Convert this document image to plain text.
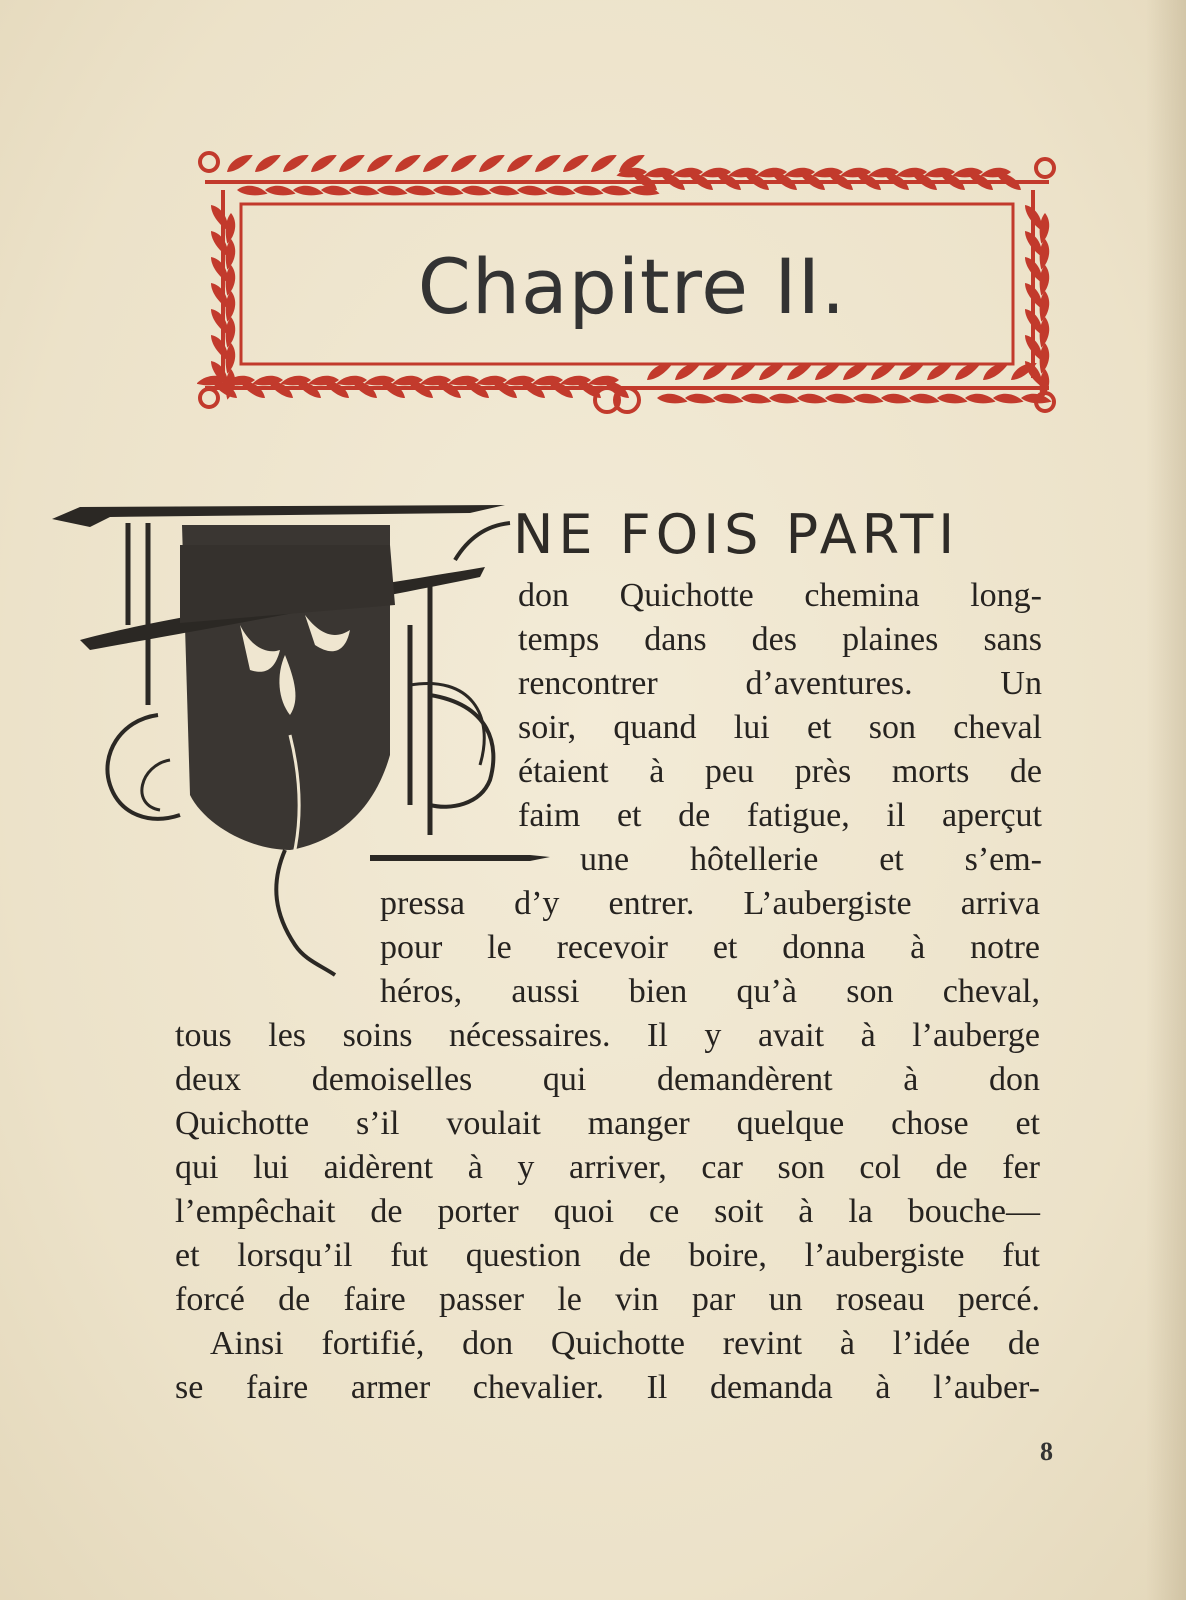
Chapitre II.
NE FOIS PARTI
don Quichotte chemina long-
temps dans des plaines sans
rencontrer d’aventures. Un
soir, quand lui et son cheval
étaient à peu près morts de
faim et de fatigue, il aperçut
une hôtellerie et s’em-
pressa d’y entrer. L’aubergiste arriva
pour le recevoir et donna à notre
héros, aussi bien qu’à son cheval,
tous les soins nécessaires. Il y avait à l’auberge
deux demoiselles qui demandèrent à don
Quichotte s’il voulait manger quelque chose et
qui lui aidèrent à y arriver, car son col de fer
l’empêchait de porter quoi ce soit à la bouche—
et lorsqu’il fut question de boire, l’aubergiste fut
forcé de faire passer le vin par un roseau percé.
Ainsi fortifié, don Quichotte revint à l’idée de
se faire armer chevalier. Il demanda à l’auber-
8
